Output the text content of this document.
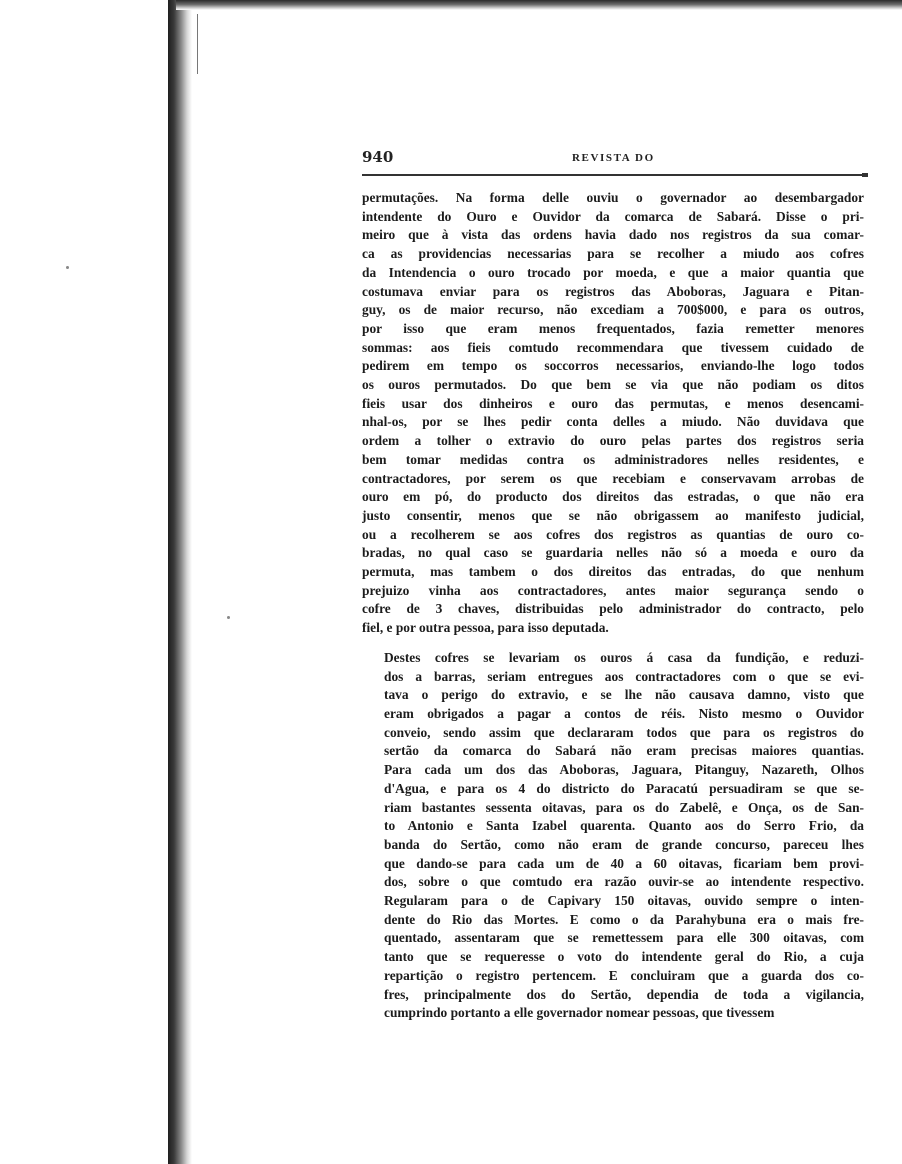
940	REVISTA DO

permutações. Na forma delle ouviu o governador ao desembargador
intendente do Ouro e Ouvidor da comarca de Sabará. Disse o pri-
meiro que à vista das ordens havia dado nos registros da sua comar-
ca as providencias necessarias para se recolher a miudo aos cofres
da Intendencia o ouro trocado por moeda, e que a maior quantia que
costumava enviar para os registros das Aboboras, Jaguara e Pitan-
guy, os de maior recurso, não excediam a 700$000, e para os outros,
por isso que eram menos frequentados, fazia remetter menores
sommas: aos fieis comtudo recommendara que tivessem cuidado de
pedirem em tempo os soccorros necessarios, enviando-lhe logo todos
os ouros permutados. Do que bem se via que não podiam os ditos
fieis usar dos dinheiros e ouro das permutas, e menos desencami-
nhal-os, por se lhes pedir conta delles a miudo. Não duvidava que
ordem a tolher o extravio do ouro pelas partes dos registros seria
bem tomar medidas contra os administradores nelles residentes, e
contractadores, por serem os que recebiam e conservavam arrobas de
ouro em pó, do producto dos direitos das estradas, o que não era
justo consentir, menos que se não obrigassem ao manifesto judicial,
ou a recolherem se aos cofres dos registros as quantias de ouro co-
bradas, no qual caso se guardaria nelles não só a moeda e ouro da
permuta, mas tambem o dos direitos das entradas, do que nenhum
prejuizo vinha aos contractadores, antes maior segurança sendo o
cofre de 3 chaves, distribuidas pelo administrador do contracto, pelo
fiel, e por outra pessoa, para isso deputada.

Destes cofres se levariam os ouros á casa da fundição, e reduzi-
dos a barras, seriam entregues aos contractadores com o que se evi-
tava o perigo do extravio, e se lhe não causava damno, visto que
eram obrigados a pagar a contos de réis. Nisto mesmo o Ouvidor
conveio, sendo assim que declararam todos que para os registros do
sertão da comarca do Sabará não eram precisas maiores quantias.
Para cada um dos das Aboboras, Jaguara, Pitanguy, Nazareth, Olhos
d'Agua, e para os 4 do districto do Paracatú persuadiram se que se-
riam bastantes sessenta oitavas, para os do Zabelê, e Onça, os de San-
to Antonio e Santa Izabel quarenta. Quanto aos do Serro Frio, da
banda do Sertão, como não eram de grande concurso, pareceu lhes
que dando-se para cada um de 40 a 60 oitavas, ficariam bem provi-
dos, sobre o que comtudo era razão ouvir-se ao intendente respectivo.
Regularam para o de Capivary 150 oitavas, ouvido sempre o inten-
dente do Rio das Mortes. E como o da Parahybuna era o mais fre-
quentado, assentaram que se remettessem para elle 300 oitavas, com
tanto que se requeresse o voto do intendente geral do Rio, a cuja
repartição o registro pertencem. E concluiram que a guarda dos co-
fres, principalmente dos do Sertão, dependia de toda a vigilancia,
cumprindo portanto a elle governador nomear pessoas, que tivessem
